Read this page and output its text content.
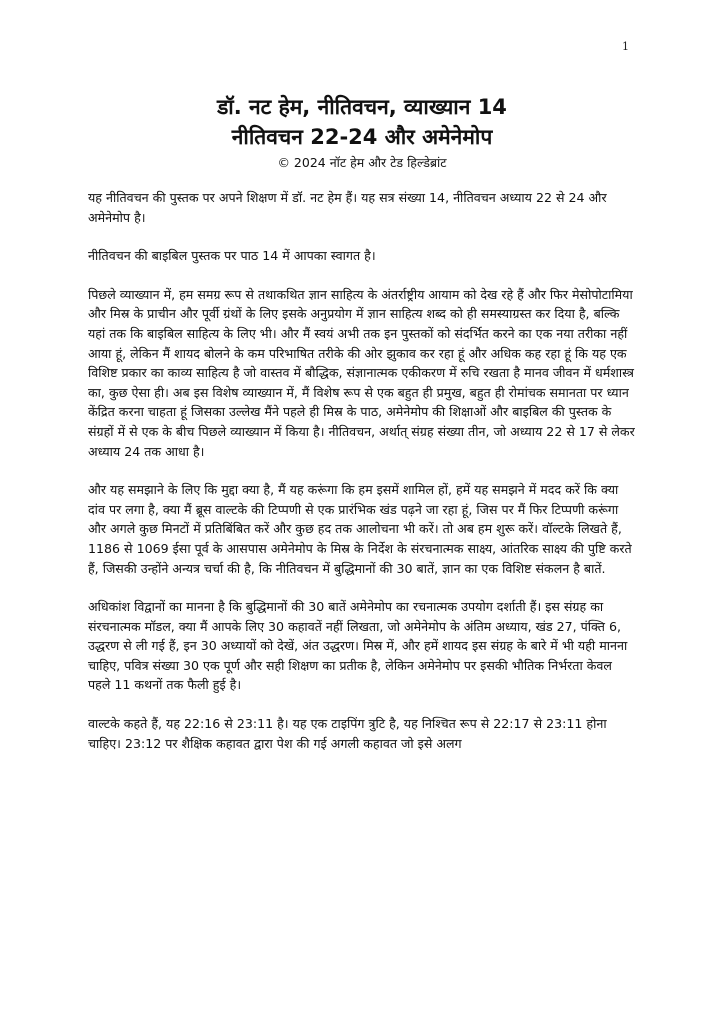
1
डॉ. नट हेम, नीतिवचन, व्याख्यान 14
नीतिवचन 22-24 और अमेनेमोप

© 2024 नॉट हेम और टेड हिल्डेब्रांट

यह नीतिवचन की पुस्तक पर अपने शिक्षण में डॉ. नट हेम हैं। यह सत्र संख्या 14, नीतिवचन अध्याय 22 से 24 और अमेनेमोप है।

नीतिवचन की बाइबिल पुस्तक पर पाठ 14 में आपका स्वागत है।

पिछले व्याख्यान में, हम समग्र रूप से तथाकथित ज्ञान साहित्य के अंतर्राष्ट्रीय आयाम को देख रहे हैं और फिर मेसोपोटामिया और मिस्र के प्राचीन और पूर्वी ग्रंथों के लिए इसके अनुप्रयोग में ज्ञान साहित्य शब्द को ही समस्याग्रस्त कर दिया है, बल्कि यहां तक कि बाइबिल साहित्य के लिए भी। और मैं स्वयं अभी तक इन पुस्तकों को संदर्भित करने का एक नया तरीका नहीं आया हूं, लेकिन मैं शायद बोलने के कम परिभाषित तरीके की ओर झुकाव कर रहा हूं और अधिक कह रहा हूं कि यह एक विशिष्ट प्रकार का काव्य साहित्य है जो वास्तव में बौद्धिक, संज्ञानात्मक एकीकरण में रुचि रखता है मानव जीवन में धर्मशास्त्र का, कुछ ऐसा ही। अब इस विशेष व्याख्यान में, मैं विशेष रूप से एक बहुत ही प्रमुख, बहुत ही रोमांचक समानता पर ध्यान केंद्रित करना चाहता हूं जिसका उल्लेख मैंने पहले ही मिस्र के पाठ, अमेनेमोप की शिक्षाओं और बाइबिल की पुस्तक के संग्रहों में से एक के बीच पिछले व्याख्यान में किया है। नीतिवचन, अर्थात् संग्रह संख्या तीन, जो अध्याय 22 से 17 से लेकर अध्याय 24 तक आधा है।

और यह समझाने के लिए कि मुद्दा क्या है, मैं यह करूंगा कि हम इसमें शामिल हों, हमें यह समझने में मदद करें कि क्या दांव पर लगा है, क्या मैं ब्रूस वाल्टके की टिप्पणी से एक प्रारंभिक खंड पढ़ने जा रहा हूं, जिस पर मैं फिर टिप्पणी करूंगा और अगले कुछ मिनटों में प्रतिबिंबित करें और कुछ हद तक आलोचना भी करें। तो अब हम शुरू करें। वॉल्टके लिखते हैं, 1186 से 1069 ईसा पूर्व के आसपास अमेनेमोप के मिस्र के निर्देश के संरचनात्मक साक्ष्य, आंतरिक साक्ष्य की पुष्टि करते हैं, जिसकी उन्होंने अन्यत्र चर्चा की है, कि नीतिवचन में बुद्धिमानों की 30 बातें, ज्ञान का एक विशिष्ट संकलन है बातें.

अधिकांश विद्वानों का मानना है कि बुद्धिमानों की 30 बातें अमेनेमोप का रचनात्मक उपयोग दर्शाती हैं। इस संग्रह का संरचनात्मक मॉडल, क्या मैं आपके लिए 30 कहावतें नहीं लिखता, जो अमेनेमोप के अंतिम अध्याय, खंड 27, पंक्ति 6, उद्धरण से ली गई हैं, इन 30 अध्यायों को देखें, अंत उद्धरण। मिस्र में, और हमें शायद इस संग्रह के बारे में भी यही मानना चाहिए, पवित्र संख्या 30 एक पूर्ण और सही शिक्षण का प्रतीक है, लेकिन अमेनेमोप पर इसकी भौतिक निर्भरता केवल पहले 11 कथनों तक फैली हुई है।

वाल्टके कहते हैं, यह 22:16 से 23:11 है। यह एक टाइपिंग त्रुटि है, यह निश्चित रूप से 22:17 से 23:11 होना चाहिए। 23:12 पर शैक्षिक कहावत द्वारा पेश की गई अगली कहावत जो इसे अलग
